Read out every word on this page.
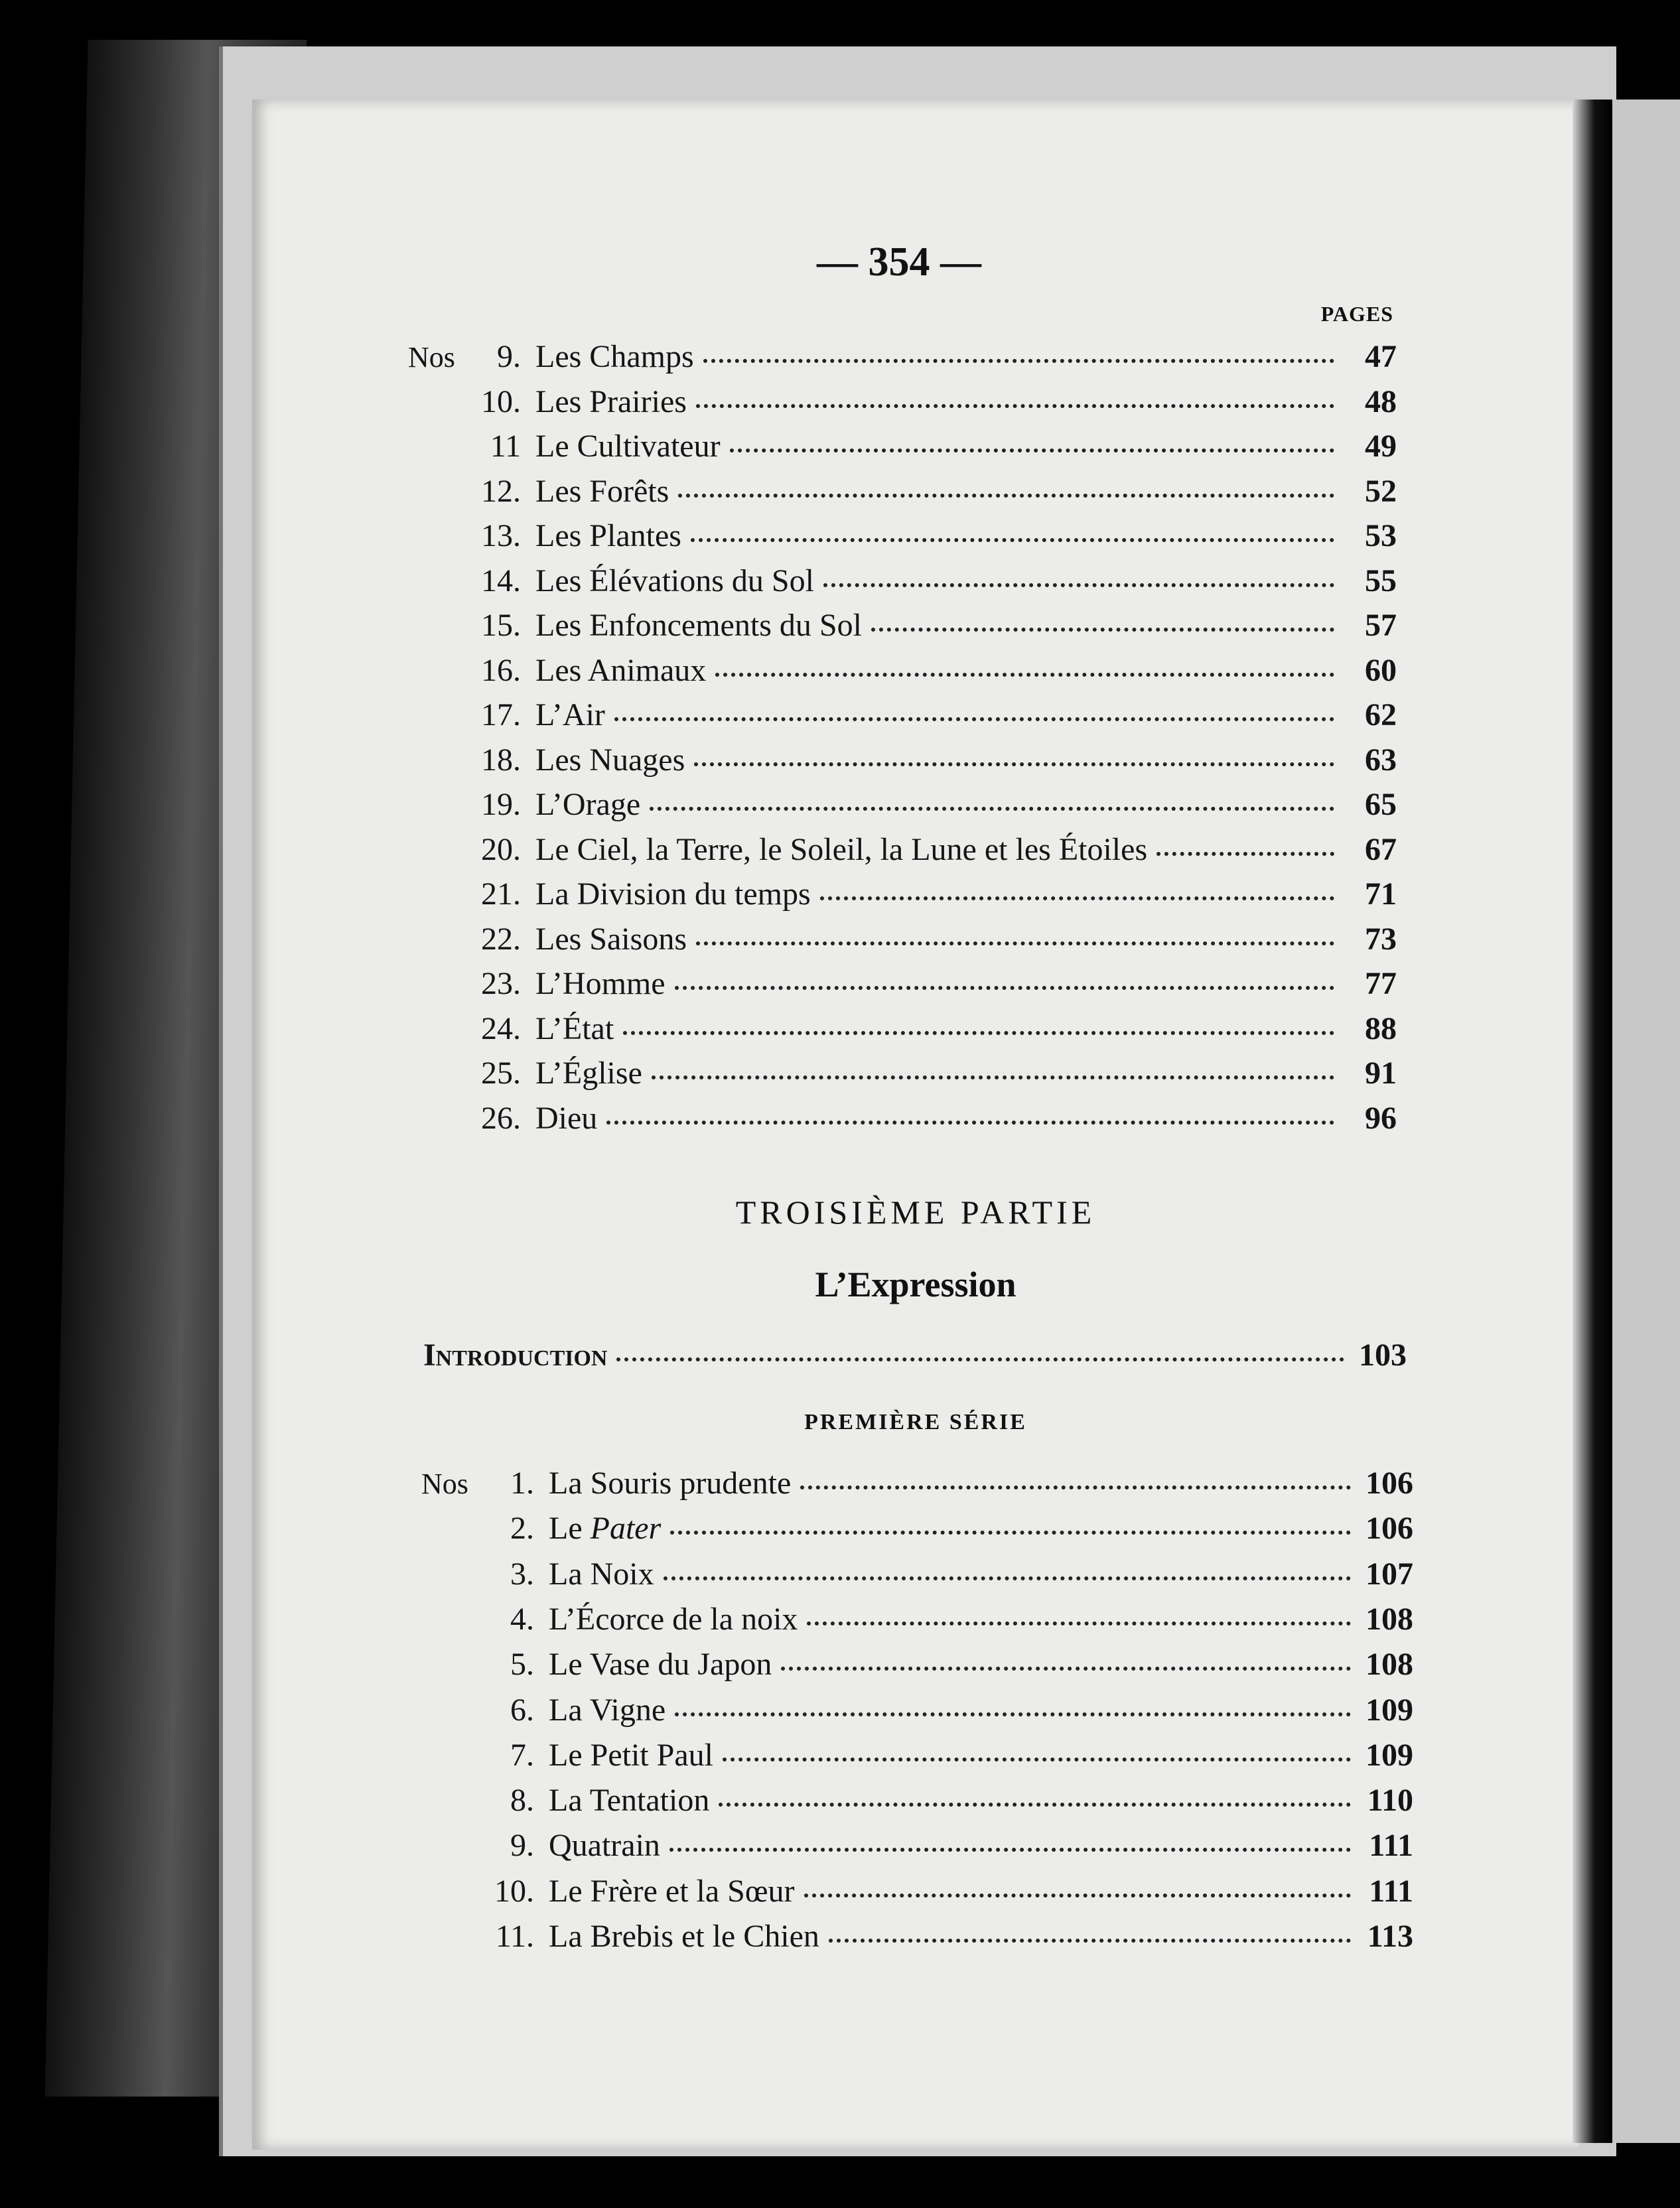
— 354 —
PAGES
Nos	9. Les Champs	47
10. Les Prairies	48
11 Le Cultivateur	49
12. Les Forêts	52
13. Les Plantes	53
14. Les Élévations du Sol	55
15. Les Enfoncements du Sol	57
16. Les Animaux	60
17. L’Air	62
18. Les Nuages	63
19. L’Orage	65
20. Le Ciel, la Terre, le Soleil, la Lune et les Étoiles	67
21. La Division du temps	71
22. Les Saisons	73
23. L’Homme	77
24. L’État	88
25. L’Église	91
26. Dieu	96
TROISIÈME PARTIE
L’Expression
Introduction	103
PREMIÈRE SÉRIE
Nos	1. La Souris prudente	106
2. Le Pater	106
3. La Noix	107
4. L’Écorce de la noix	108
5. Le Vase du Japon	108
6. La Vigne	109
7. Le Petit Paul	109
8. La Tentation	110
9. Quatrain	111
10. Le Frère et la Sœur	111
11. La Brebis et le Chien	113
